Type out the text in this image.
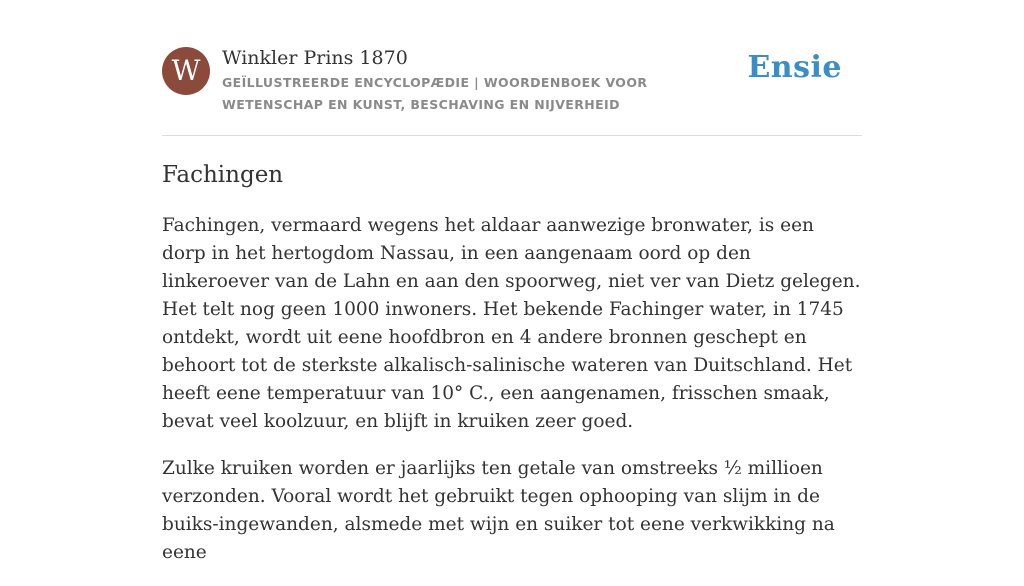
W	Winkler Prins 1870
GEÏLLUSTREERDE ENCYCLOPÆDIE | WOORDENBOEK VOOR WETENSCHAP EN KUNST, BESCHAVING EN NIJVERHEID
Ensie
Fachingen

Fachingen, vermaard wegens het aldaar aanwezige bronwater, is een dorp in het hertogdom Nassau, in een aangenaam oord op den linkeroever van de Lahn en aan den spoorweg, niet ver van Dietz gelegen. Het telt nog geen 1000 inwoners. Het bekende Fachinger water, in 1745 ontdekt, wordt uit eene hoofdbron en 4 andere bronnen geschept en behoort tot de sterkste alkalisch-salinische wateren van Duitschland. Het heeft eene temperatuur van 10° C., een aangenamen, frisschen smaak, bevat veel koolzuur, en blijft in kruiken zeer goed.

Zulke kruiken worden er jaarlijks ten getale van omstreeks ½ millioen verzonden. Vooral wordt het gebruikt tegen ophooping van slijm in de buiks-ingewanden, alsmede met wijn en suiker tot eene verkwikking na eene
